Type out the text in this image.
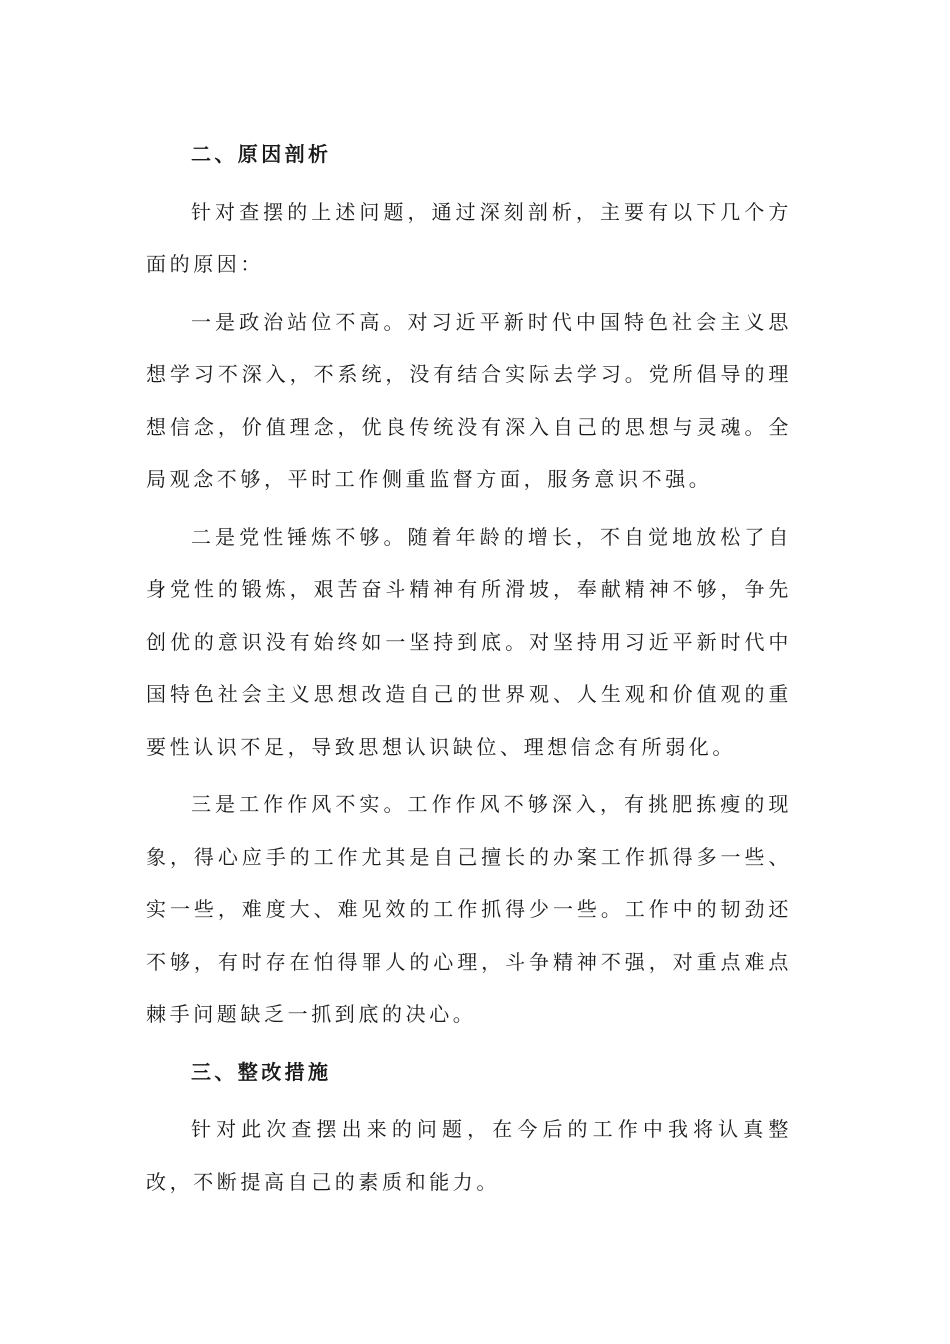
二、原因剖析

针对查摆的上述问题，通过深刻剖析，主要有以下几个方面的原因：

一是政治站位不高。对习近平新时代中国特色社会主义思想学习不深入，不系统，没有结合实际去学习。党所倡导的理想信念，价值理念，优良传统没有深入自己的思想与灵魂。全局观念不够，平时工作侧重监督方面，服务意识不强。

二是党性锤炼不够。随着年龄的增长，不自觉地放松了自身党性的锻炼，艰苦奋斗精神有所滑坡，奉献精神不够，争先创优的意识没有始终如一坚持到底。对坚持用习近平新时代中国特色社会主义思想改造自己的世界观、人生观和价值观的重要性认识不足，导致思想认识缺位、理想信念有所弱化。

三是工作作风不实。工作作风不够深入，有挑肥拣瘦的现象，得心应手的工作尤其是自己擅长的办案工作抓得多一些、实一些，难度大、难见效的工作抓得少一些。工作中的韧劲还不够，有时存在怕得罪人的心理，斗争精神不强，对重点难点棘手问题缺乏一抓到底的决心。

三、整改措施

针对此次查摆出来的问题，在今后的工作中我将认真整改，不断提高自己的素质和能力。
